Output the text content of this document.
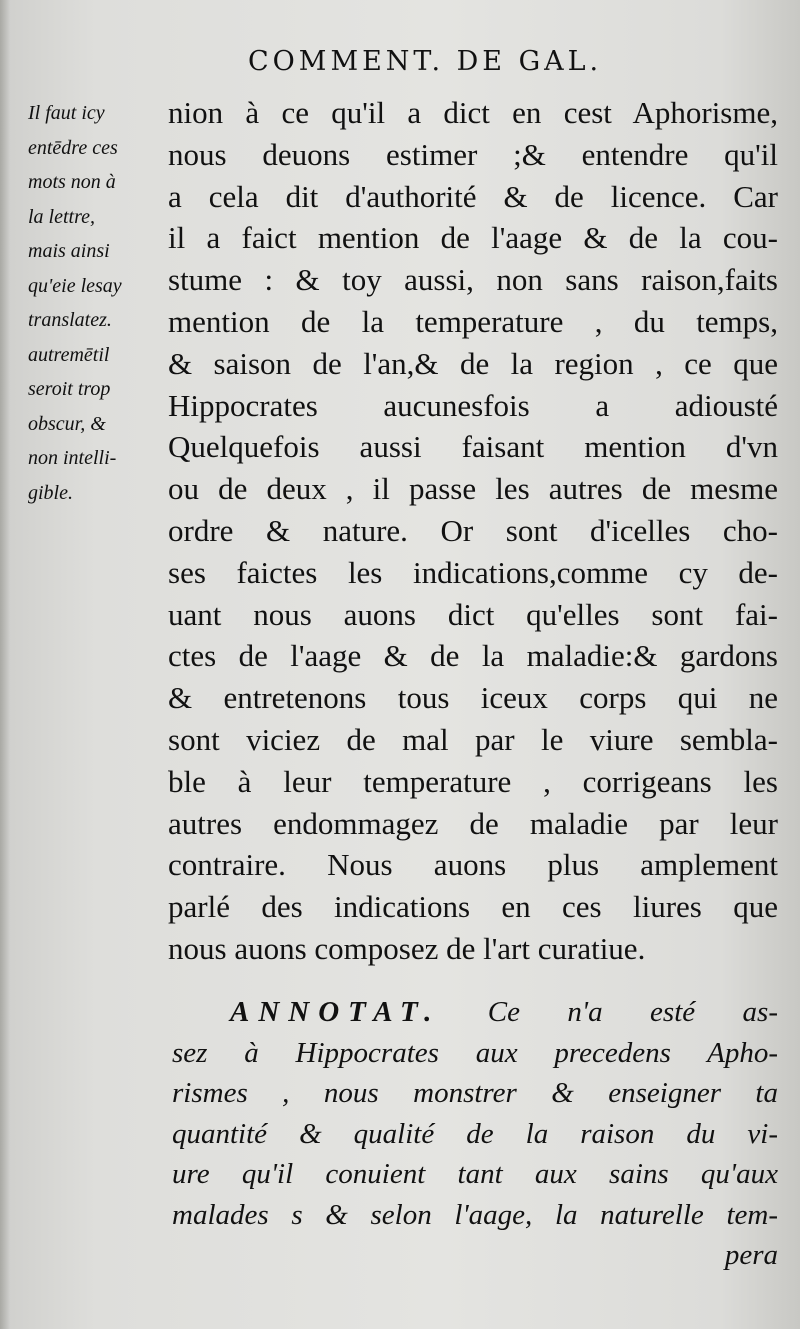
COMMENT. DE GAL.
Il faut icy
entēdre ces
mots non à
la lettre,
mais ainsi
qu'eie lesay
translatez.
autremētil
seroit trop
obscur, &
non intelli-
gible.
nion à ce qu'il a dict en cest Aphorisme,
nous deuons estimer ;& entendre qu'il
a cela dit d'authorité & de licence. Car
il a faict mention de l'aage & de la cou-
stume : & toy aussi, non sans raison,faits
mention de la temperature , du temps,
& saison de l'an,& de la region , ce que
Hippocrates aucunesfois a adiousté
Quelquefois aussi faisant mention d'vn
ou de deux , il passe les autres de mesme
ordre & nature. Or sont d'icelles cho-
ses faictes les indications,comme cy de-
uant nous auons dict qu'elles sont fai-
ctes de l'aage & de la maladie:& gardons
& entretenons tous iceux corps qui ne
sont viciez de mal par le viure sembla-
ble à leur temperature , corrigeans les
autres endommagez de maladie par leur
contraire. Nous auons plus amplement
parlé des indications en ces liures que
nous auons composez de l'art curatiue.
ANNOTAT. Ce n'a esté as-
sez à Hippocrates aux precedens Apho-
rismes , nous monstrer & enseigner ta
quantité & qualité de la raison du vi-
ure qu'il conuient tant aux sains qu'aux
malades s & selon l'aage, la naturelle tem-
pera
